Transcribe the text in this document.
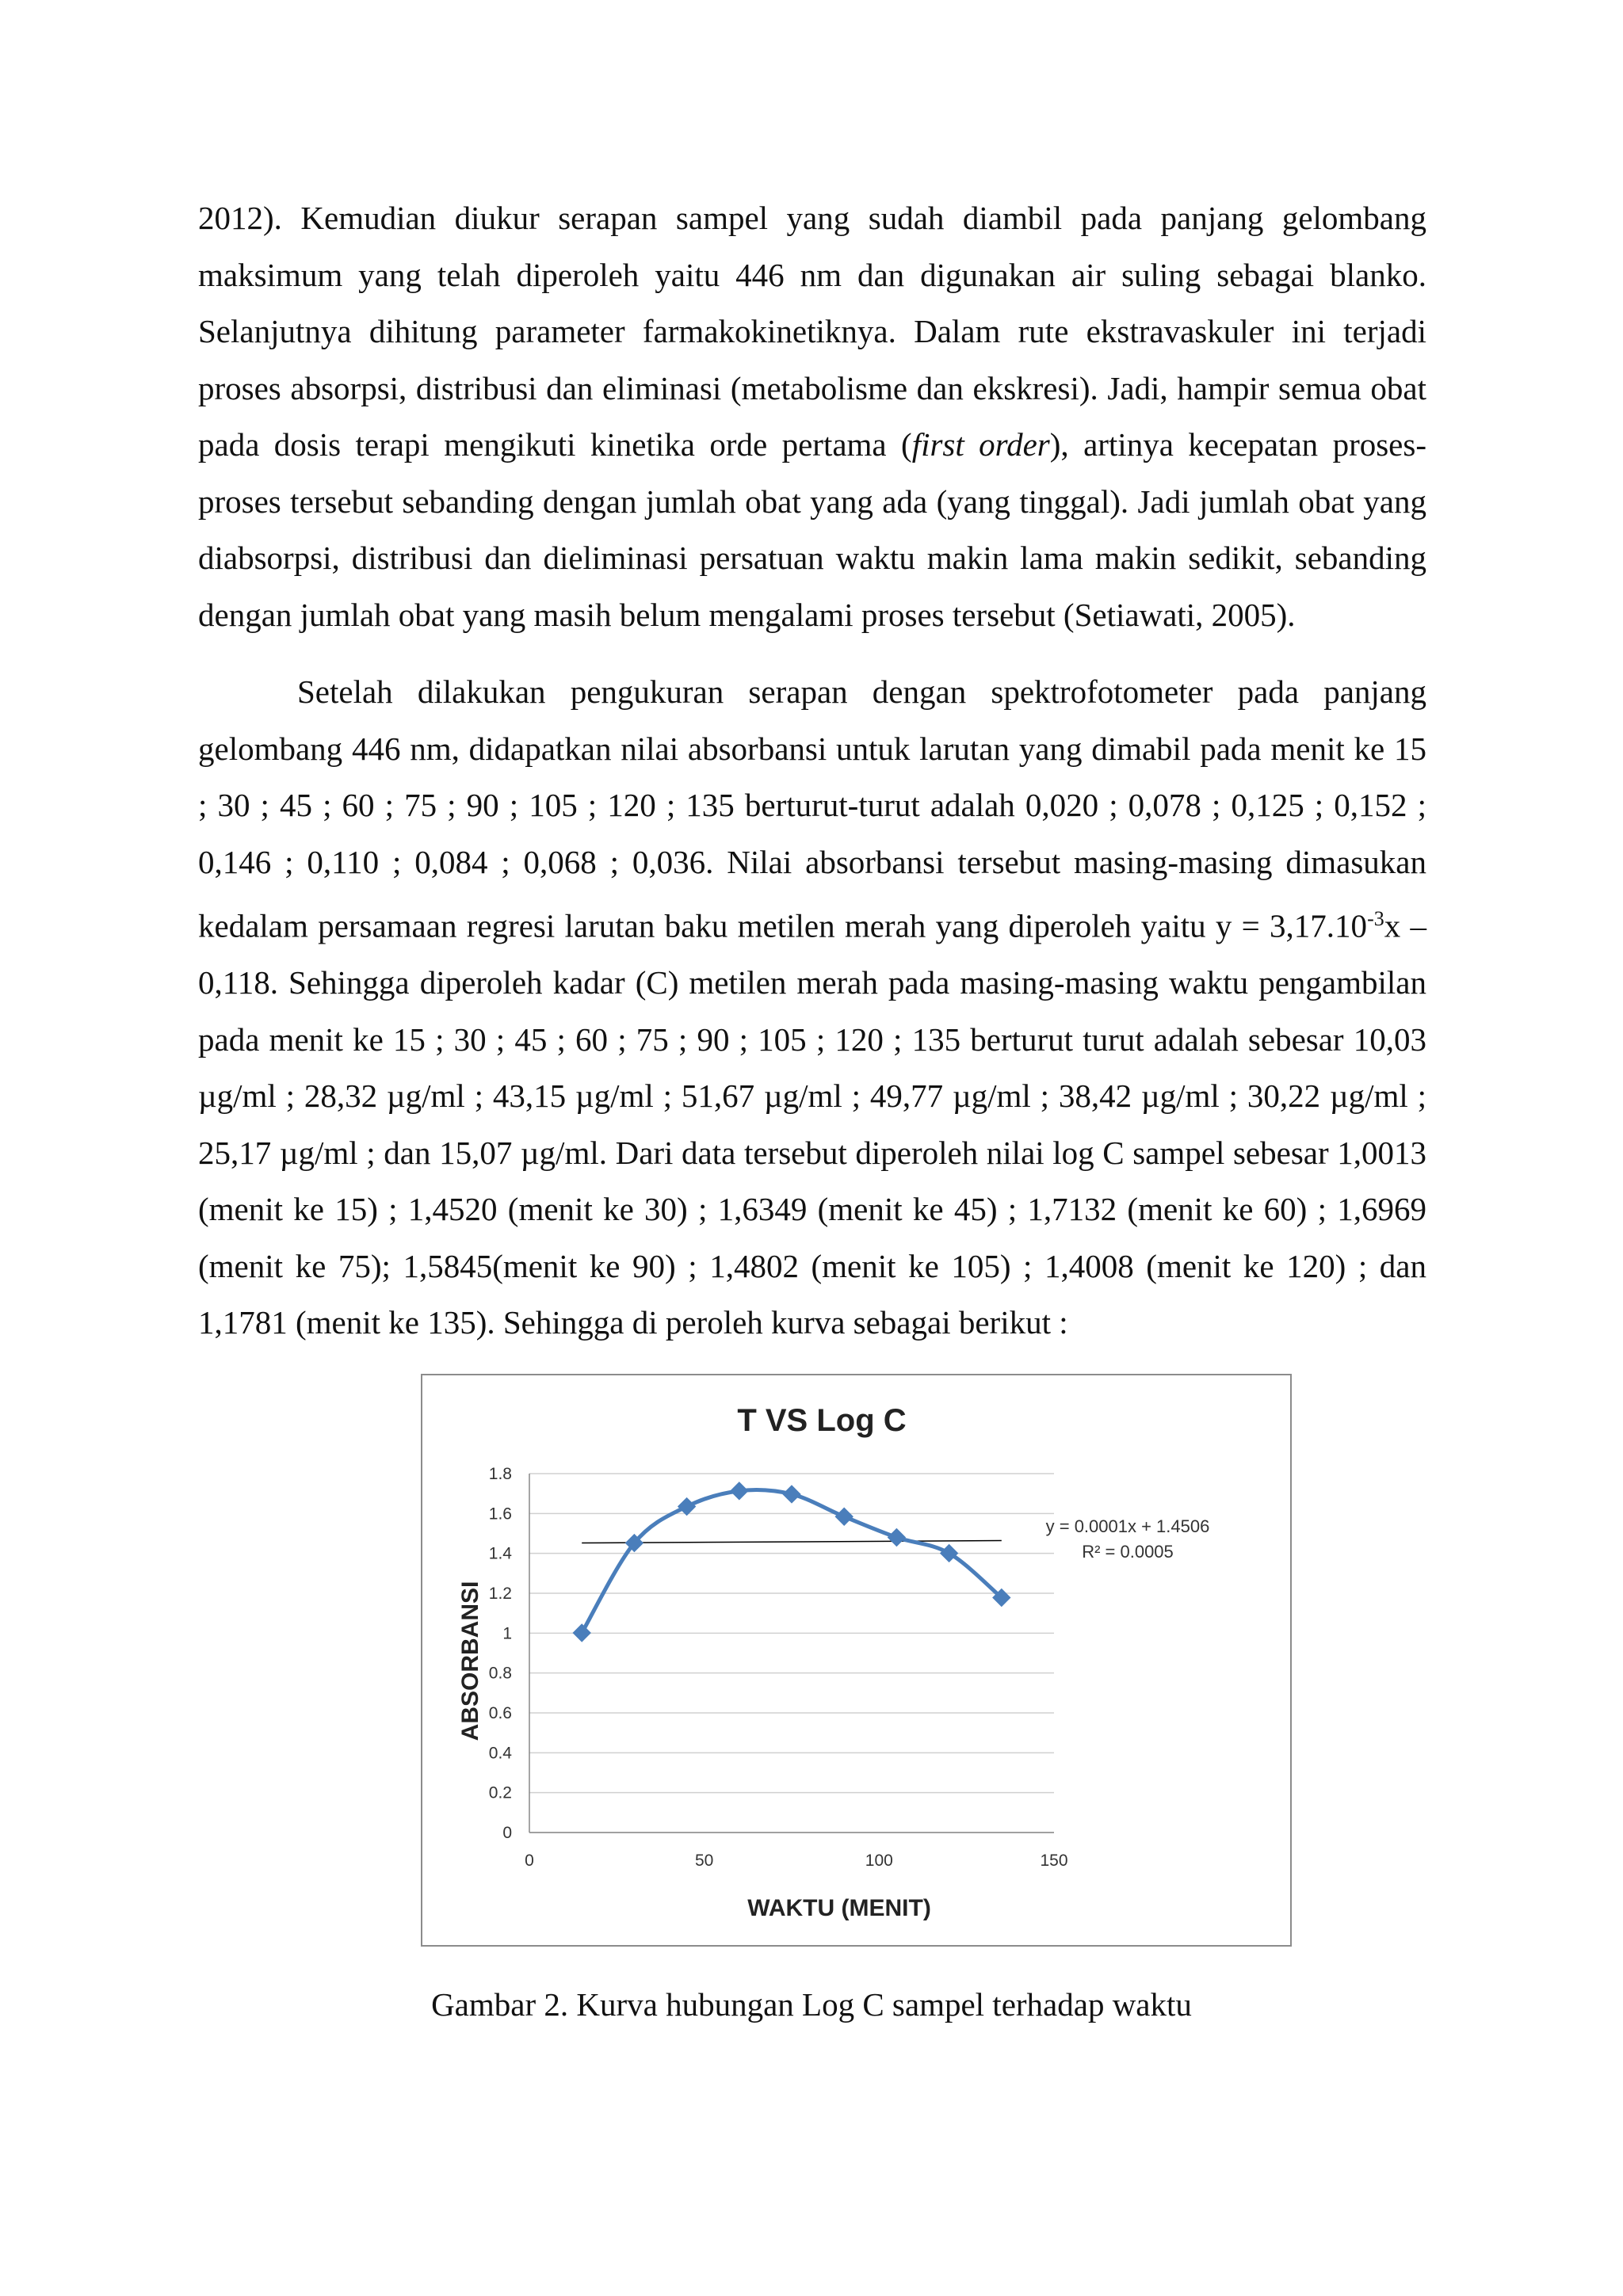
2012). Kemudian diukur serapan sampel yang sudah diambil pada panjang gelombang maksimum yang telah diperoleh yaitu 446 nm dan digunakan air suling sebagai blanko. Selanjutnya dihitung parameter farmakokinetiknya. Dalam rute ekstravaskuler ini terjadi proses absorpsi, distribusi dan eliminasi (metabolisme dan ekskresi). Jadi, hampir semua obat pada dosis terapi mengikuti kinetika orde pertama (first order), artinya kecepatan proses-proses tersebut sebanding dengan jumlah obat yang ada (yang tinggal). Jadi jumlah obat yang diabsorpsi, distribusi dan dieliminasi persatuan waktu makin lama makin sedikit, sebanding dengan jumlah obat yang masih belum mengalami proses tersebut (Setiawati, 2005).

Setelah dilakukan pengukuran serapan dengan spektrofotometer pada panjang gelombang 446 nm, didapatkan nilai absorbansi untuk larutan yang dimabil pada menit ke 15 ; 30 ; 45 ; 60 ; 75 ; 90 ; 105 ; 120 ; 135 berturut-turut adalah 0,020 ; 0,078 ; 0,125 ; 0,152 ; 0,146 ; 0,110 ; 0,084 ; 0,068 ; 0,036. Nilai absorbansi tersebut masing-masing dimasukan kedalam persamaan regresi larutan baku metilen merah yang diperoleh yaitu $y = 3,17.10^{-3}x - 0,118$. Sehingga diperoleh kadar (C) metilen merah pada masing-masing waktu pengambilan pada menit ke 15 ; 30 ; 45 ; 60 ; 75 ; 90 ; 105 ; 120 ; 135 berturut turut adalah sebesar 10,03 µg/ml ; 28,32 µg/ml ; 43,15 µg/ml ; 51,67 µg/ml ; 49,77 µg/ml ; 38,42 µg/ml ; 30,22 µg/ml ; 25,17 µg/ml ; dan 15,07 µg/ml. Dari data tersebut diperoleh nilai log C sampel sebesar 1,0013 (menit ke 15) ; 1,4520 (menit ke 30) ; 1,6349 (menit ke 45) ; 1,7132 (menit ke 60) ; 1,6969 (menit ke 75); 1,5845(menit ke 90) ; 1,4802 (menit ke 105) ; 1,4008 (menit ke 120) ; dan 1,1781 (menit ke 135). Sehingga di peroleh kurva sebagai berikut :

T VS Log C
0
0.2
0.4
0.6
0.8
1
1.2
1.4
1.6
1.8
0	50	100	150
WAKTU (MENIT)
ABSORBANSI
y = 0.0001x + 1.4506
R² = 0.0005
Gambar 2. Kurva hubungan Log C sampel terhadap waktu
